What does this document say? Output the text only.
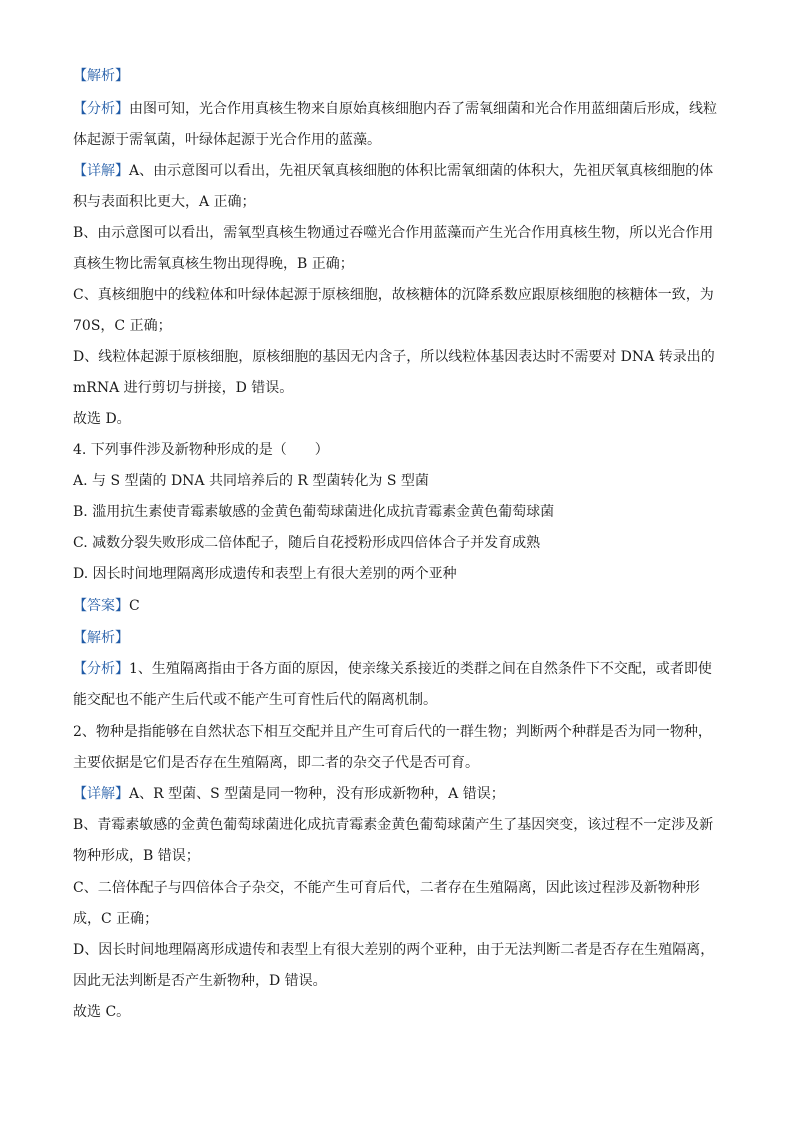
【解析】
【分析】由图可知，光合作用真核生物来自原始真核细胞内吞了需氧细菌和光合作用蓝细菌后形成，线粒
体起源于需氧菌，叶绿体起源于光合作用的蓝藻。
【详解】A、由示意图可以看出，先祖厌氧真核细胞的体积比需氧细菌的体积大，先祖厌氧真核细胞的体
积与表面积比更大，A 正确；
B、由示意图可以看出，需氧型真核生物通过吞噬光合作用蓝藻而产生光合作用真核生物，所以光合作用
真核生物比需氧真核生物出现得晚，B 正确；
C、真核细胞中的线粒体和叶绿体起源于原核细胞，故核糖体的沉降系数应跟原核细胞的核糖体一致，为
70S，C 正确；
D、线粒体起源于原核细胞，原核细胞的基因无内含子，所以线粒体基因表达时不需要对 DNA 转录出的
mRNA 进行剪切与拼接，D 错误。
故选 D。
4. 下列事件涉及新物种形成的是（　　）
A. 与 S 型菌的 DNA 共同培养后的 R 型菌转化为 S 型菌
B. 滥用抗生素使青霉素敏感的金黄色葡萄球菌进化成抗青霉素金黄色葡萄球菌
C. 减数分裂失败形成二倍体配子，随后自花授粉形成四倍体合子并发育成熟
D. 因长时间地理隔离形成遗传和表型上有很大差别的两个亚种
【答案】C
【解析】
【分析】1、生殖隔离指由于各方面的原因，使亲缘关系接近的类群之间在自然条件下不交配，或者即使
能交配也不能产生后代或不能产生可育性后代的隔离机制。
2、物种是指能够在自然状态下相互交配并且产生可育后代的一群生物；判断两个种群是否为同一物种，
主要依据是它们是否存在生殖隔离，即二者的杂交子代是否可育。
【详解】A、R 型菌、S 型菌是同一物种，没有形成新物种，A 错误；
B、青霉素敏感的金黄色葡萄球菌进化成抗青霉素金黄色葡萄球菌产生了基因突变，该过程不一定涉及新
物种形成，B 错误；
C、二倍体配子与四倍体合子杂交，不能产生可育后代，二者存在生殖隔离，因此该过程涉及新物种形
成，C 正确；
D、因长时间地理隔离形成遗传和表型上有很大差别的两个亚种，由于无法判断二者是否存在生殖隔离，
因此无法判断是否产生新物种，D 错误。
故选 C。
